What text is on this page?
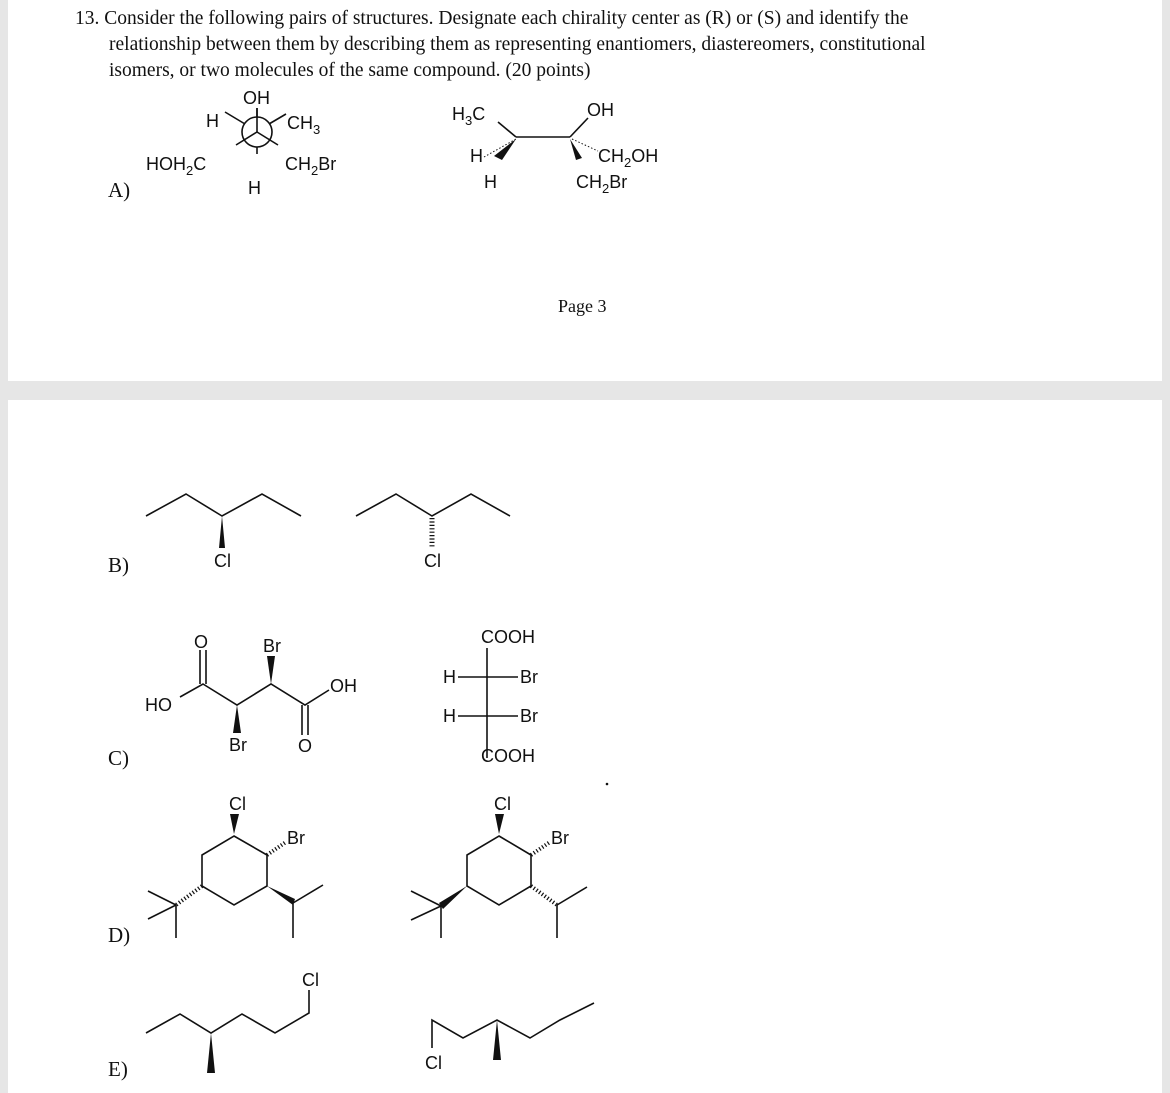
13. Consider the following pairs of structures. Designate each chirality center as (R) or (S) and identify the
relationship between them by describing them as representing enantiomers, diastereomers, constitutional
isomers, or two molecules of the same compound. (20 points)
A)
B)
C)
D)
E)
Page 3
OH
H	$CH_3$
$HOH_2C$	$CH_2Br$
H
$H_3C$	OH
H
H
$CH_2OH$
$CH_2Br$
Cl	Cl
HO
O	Br
Br	O
OH
COOH
H	Br
H	Br
COOH
Cl
Br
Cl
Br
Cl
Cl
